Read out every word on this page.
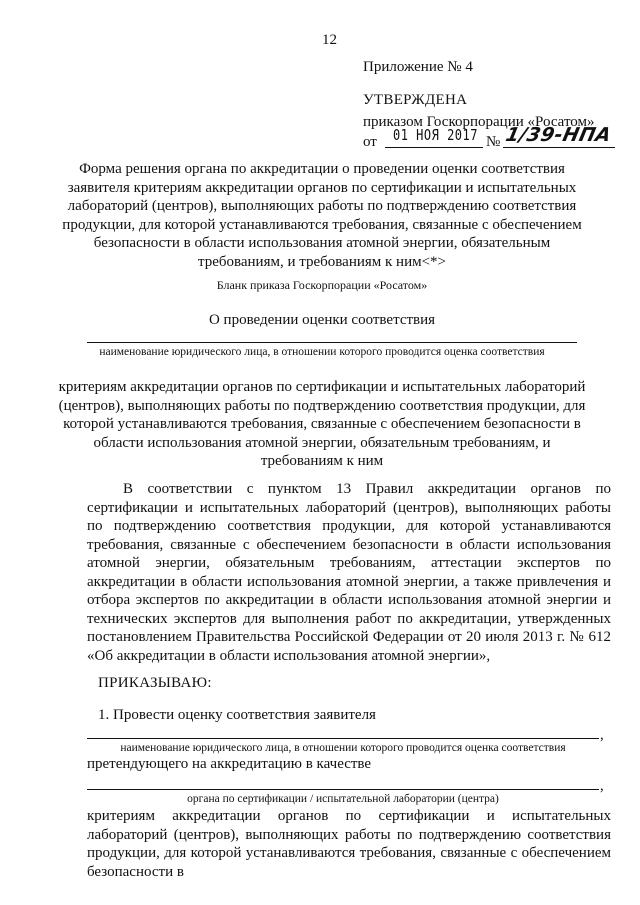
12
Приложение № 4
УТВЕРЖДЕНА
приказом Госкорпорации «Росатом»
от 01 НОЯ 2017 № 1/39-НПА
Форма решения органа по аккредитации о проведении оценки соответствия заявителя критериям аккредитации органов по сертификации и испытательных лабораторий (центров), выполняющих работы по подтверждению соответствия продукции, для которой устанавливаются требования, связанные с обеспечением безопасности в области использования атомной энергии, обязательным требованиям, и требованиям к ним<*>
Бланк приказа Госкорпорации «Росатом»
О проведении оценки соответствия
наименование юридического лица, в отношении которого проводится оценка соответствия
критериям аккредитации органов по сертификации и испытательных лабораторий (центров), выполняющих работы по подтверждению соответствия продукции, для которой устанавливаются требования, связанные с обеспечением безопасности в области использования атомной энергии, обязательным требованиям, и требованиям к ним
В соответствии с пунктом 13 Правил аккредитации органов по сертификации и испытательных лабораторий (центров), выполняющих работы по подтверждению соответствия продукции, для которой устанавливаются требования, связанные с обеспечением безопасности в области использования атомной энергии, обязательным требованиям, аттестации экспертов по аккредитации в области использования атомной энергии, а также привлечения и отбора экспертов по аккредитации в области использования атомной энергии и технических экспертов для выполнения работ по аккредитации, утвержденных постановлением Правительства Российской Федерации от 20 июля 2013 г. № 612 «Об аккредитации в области использования атомной энергии»,
ПРИКАЗЫВАЮ:
1. Провести оценку соответствия заявителя
,
наименование юридического лица, в отношении которого проводится оценка соответствия
претендующего на аккредитацию в качестве
,
органа по сертификации / испытательной лаборатории (центра)
критериям аккредитации органов по сертификации и испытательных лабораторий (центров), выполняющих работы по подтверждению соответствия продукции, для которой устанавливаются требования, связанные с обеспечением безопасности в
